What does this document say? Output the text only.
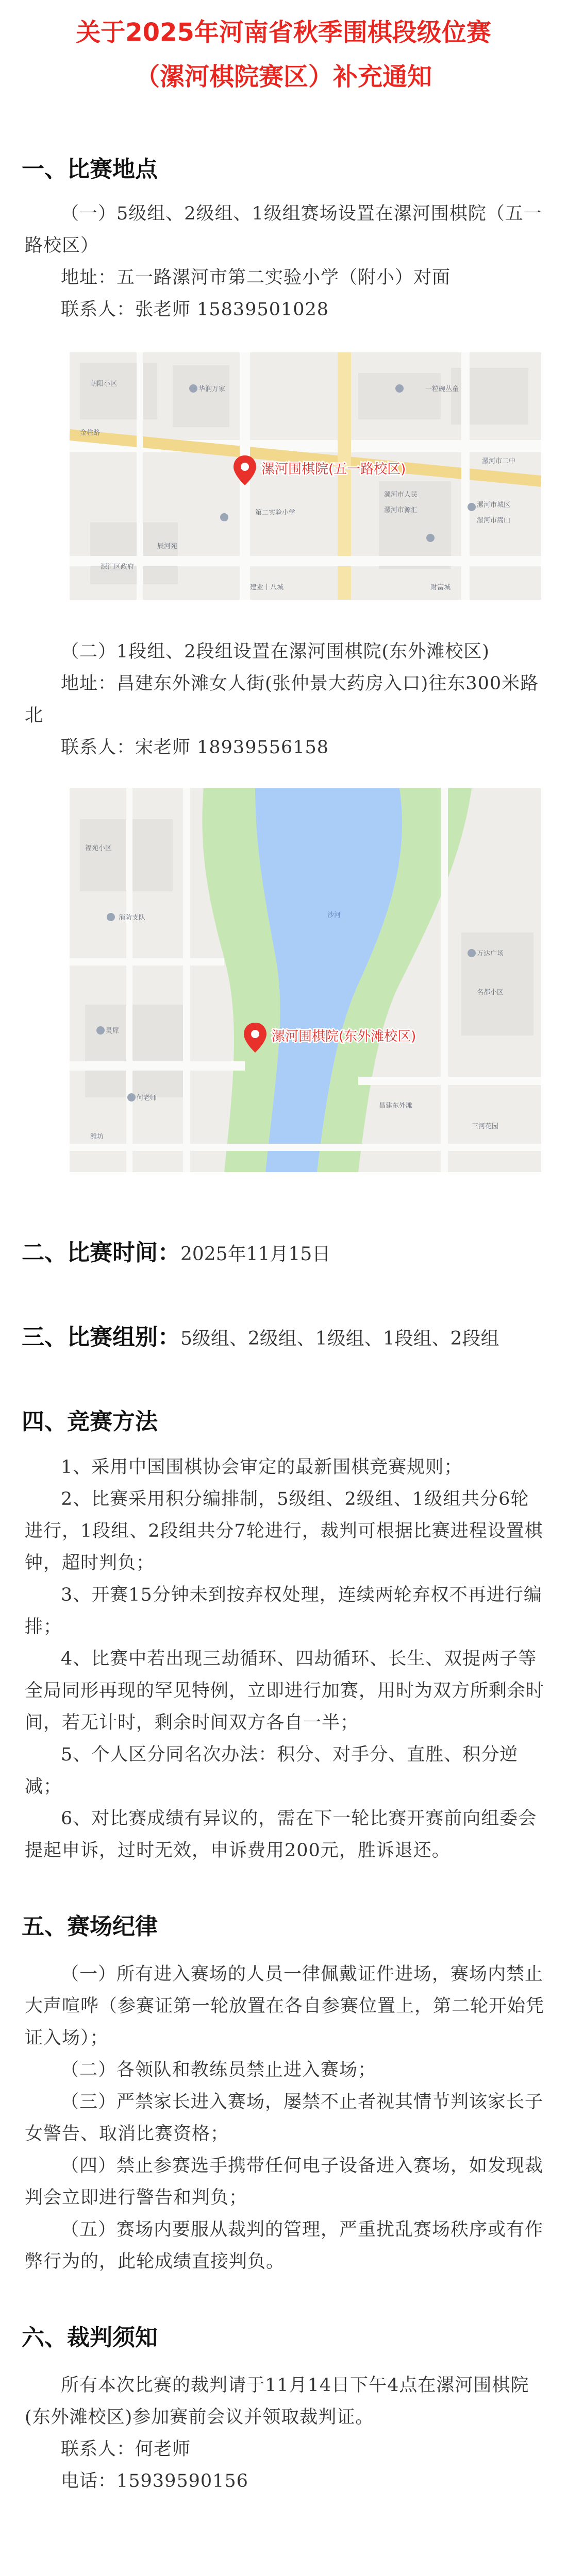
关于2025年河南省秋季围棋段级位赛
（漯河棋院赛区）补充通知
一、比赛地点
（一）5级组、2级组、1级组赛场设置在漯河围棋院（五一路校区）
地址：五一路漯河市第二实验小学（附小）对面
联系人：张老师 15839501028
一粒碗丛童
华润万家
朝阳小区
漯河市二中
第二实验小学
漯河市人民
漯河市源汇
漯河市城区
漯河市嵩山
辰河苑
源汇区政府
建业十八城
金柱路
财富城
漯河围棋院(五一路校区)
（二）1段组、2段组设置在漯河围棋院(东外滩校区)
地址：昌建东外滩女人街(张仲景大药房入口)往东300米路北
联系人：宋老师 18939556158
沙河
福苑小区
消防支队
灵犀
何老师
万达广场
昌建东外滩
潍坊
三河花园
名都小区
漯河围棋院(东外滩校区)
二、比赛时间：2025年11月15日
三、比赛组别：5级组、2级组、1级组、1段组、2段组
四、竞赛方法
1、采用中国围棋协会审定的最新围棋竞赛规则；
2、比赛采用积分编排制，5级组、2级组、1级组共分6轮进行，1段组、2段组共分7轮进行，裁判可根据比赛进程设置棋钟，超时判负；
3、开赛15分钟未到按弃权处理，连续两轮弃权不再进行编排；
4、比赛中若出现三劫循环、四劫循环、长生、双提两子等全局同形再现的罕见特例，立即进行加赛，用时为双方所剩余时间，若无计时，剩余时间双方各自一半；
5、个人区分同名次办法：积分、对手分、直胜、积分逆减；
6、对比赛成绩有异议的，需在下一轮比赛开赛前向组委会提起申诉，过时无效，申诉费用200元，胜诉退还。
五、赛场纪律
（一）所有进入赛场的人员一律佩戴证件进场，赛场内禁止大声喧哗（参赛证第一轮放置在各自参赛位置上，第二轮开始凭证入场）；
（二）各领队和教练员禁止进入赛场；
（三）严禁家长进入赛场，屡禁不止者视其情节判该家长子女警告、取消比赛资格；
（四）禁止参赛选手携带任何电子设备进入赛场，如发现裁判会立即进行警告和判负；
（五）赛场内要服从裁判的管理，严重扰乱赛场秩序或有作弊行为的，此轮成绩直接判负。
六、裁判须知
所有本次比赛的裁判请于11月14日下午4点在漯河围棋院(东外滩校区)参加赛前会议并领取裁判证。
联系人：何老师
电话：15939590156
